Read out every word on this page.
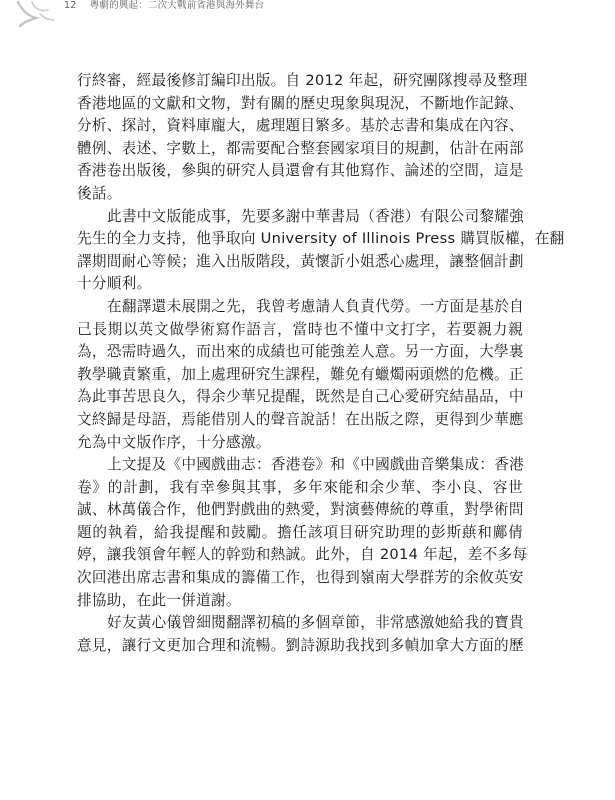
12 粵劇的興起：二次大戰前省港與海外舞台
行終審，經最後修訂編印出版。自 2012 年起，研究團隊搜尋及整理
香港地區的文獻和文物，對有關的歷史現象與現況，不斷地作記錄、
分析、探討，資料庫龐大，處理題目繁多。基於志書和集成在內容、
體例、表述、字數上，都需要配合整套國家項目的規劃，估計在兩部
香港卷出版後，參與的研究人員還會有其他寫作、論述的空間，這是
後話。
此書中文版能成事，先要多謝中華書局（香港）有限公司黎耀強
先生的全力支持，他爭取向 University of Illinois Press 購買版權，在翻
譯期間耐心等候；進入出版階段，黃懷訢小姐悉心處理，讓整個計劃
十分順利。
在翻譯還未展開之先，我曾考慮請人負責代勞。一方面是基於自
己長期以英文做學術寫作語言，當時也不懂中文打字，若要親力親
為，恐需時過久，而出來的成績也可能強差人意。另一方面，大學裏
教學職責繁重，加上處理研究生課程，難免有蠟燭兩頭燃的危機。正
為此事苦思良久，得余少華兄提醒，既然是自己心愛研究結晶品，中
文終歸是母語，焉能借別人的聲音說話！在出版之際，更得到少華應
允為中文版作序，十分感激。
上文提及《中國戲曲志：香港卷》和《中國戲曲音樂集成：香港
卷》的計劃，我有幸參與其事，多年來能和余少華、李小良、容世
誠、林萬儀合作，他們對戲曲的熱愛，對演藝傳統的尊重，對學術問
題的執着，給我提醒和鼓勵。擔任該項目研究助理的彭斯蕻和鄺倩
婷，讓我領會年輕人的幹勁和熱誠。此外，自 2014 年起，差不多每
次回港出席志書和集成的籌備工作，也得到嶺南大學群芳的余攸英安
排協助，在此一併道謝。
好友黃心儀曾細閱翻譯初稿的多個章節，非常感激她給我的寶貴
意見，讓行文更加合理和流暢。劉詩源助我找到多幀加拿大方面的歷
